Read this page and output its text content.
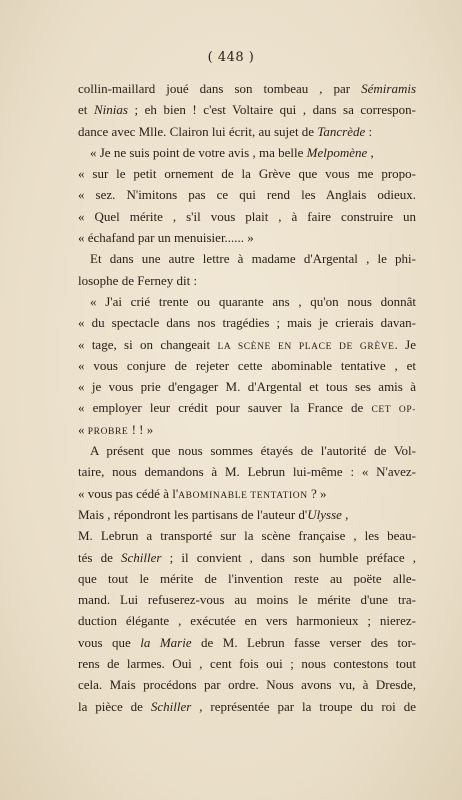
( 448 )
collin-maillard joué dans son tombeau , par Sémiramis
et Ninias ; eh bien ! c'est Voltaire qui , dans sa correspon-
dance avec Mlle. Clairon lui écrit, au sujet de Tancrède :
« Je ne suis point de votre avis , ma belle Melpomène ,
« sur le petit ornement de la Grève que vous me propo-
« sez. N'imitons pas ce qui rend les Anglais odieux.
« Quel mérite , s'il vous plait , à faire construire un
« échafand par un menuisier...... »
Et dans une autre lettre à madame d'Argental , le phi-
losophe de Ferney dit :
« J'ai crié trente ou quarante ans , qu'on nous donnât
« du spectacle dans nos tragédies ; mais je crierais davan-
« tage, si on changeait LA SCÈNE EN PLACE DE GRÈVE. Je
« vous conjure de rejeter cette abominable tentative , et
« je vous prie d'engager M. d'Argental et tous ses amis à
« employer leur crédit pour sauver la France de CET OP-
« PROBRE ! ! »
A présent que nous sommes étayés de l'autorité de Vol-
taire, nous demandons à M. Lebrun lui-même : « N'avez-
« vous pas cédé à l'ABOMINABLE TENTATION ? »
Mais , répondront les partisans de l'auteur d'Ulysse ,
M. Lebrun a transporté sur la scène française , les beau-
tés de Schiller ; il convient , dans son humble préface ,
que tout le mérite de l'invention reste au poëte alle-
mand. Lui refuserez-vous au moins le mérite d'une tra-
duction élégante , exécutée en vers harmonieux ; nierez-
vous que la Marie de M. Lebrun fasse verser des tor-
rens de larmes. Oui , cent fois oui ; nous contestons tout
cela. Mais procédons par ordre. Nous avons vu, à Dresde,
la pièce de Schiller , représentée par la troupe du roi de
